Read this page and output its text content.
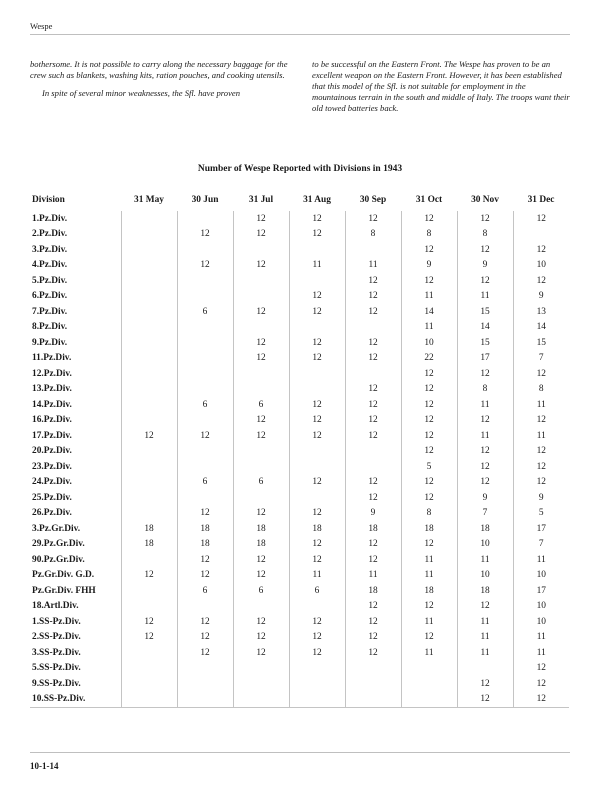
Wespe

bothersome. It is not possible to carry along the necessary baggage for the crew such as blankets, washing kits, ration pouches, and cooking utensils.

In spite of several minor weaknesses, the Sfl. have proven

to be successful on the Eastern Front. The Wespe has proven to be an excellent weapon on the Eastern Front. However, it has been established that this model of the Sfl. is not suitable for employment in the mountainous terrain in the south and middle of Italy. The troops want their old towed batteries back.

Number of Wespe Reported with Divisions in 1943
Division	31 May	30 Jun	31 Jul	31 Aug	30 Sep	31 Oct	30 Nov	31 Dec
1.Pz.Div.			12	12	12	12	12	12
2.Pz.Div.		12	12	12	8	8	8	
3.Pz.Div.						12	12	12
4.Pz.Div.		12	12	11	11	9	9	10
5.Pz.Div.					12	12	12	12
6.Pz.Div.				12	12	11	11	9
7.Pz.Div.		6	12	12	12	14	15	13
8.Pz.Div.						11	14	14
9.Pz.Div.			12	12	12	10	15	15
11.Pz.Div.			12	12	12	22	17	7
12.Pz.Div.						12	12	12
13.Pz.Div.					12	12	8	8
14.Pz.Div.		6	6	12	12	12	11	11
16.Pz.Div.			12	12	12	12	12	12
17.Pz.Div.	12	12	12	12	12	12	11	11
20.Pz.Div.						12	12	12
23.Pz.Div.						5	12	12
24.Pz.Div.		6	6	12	12	12	12	12
25.Pz.Div.					12	12	9	9
26.Pz.Div.		12	12	12	9	8	7	5
3.Pz.Gr.Div.	18	18	18	18	18	18	18	17
29.Pz.Gr.Div.	18	18	18	12	12	12	10	7
90.Pz.Gr.Div.		12	12	12	12	11	11	11
Pz.Gr.Div. G.D.	12	12	12	11	11	11	10	10
Pz.Gr.Div. FHH		6	6	6	18	18	18	17
18.Artl.Div.					12	12	12	10
1.SS-Pz.Div.	12	12	12	12	12	11	11	10
2.SS-Pz.Div.	12	12	12	12	12	12	11	11
3.SS-Pz.Div.		12	12	12	12	11	11	11
5.SS-Pz.Div.								12
9.SS-Pz.Div.							12	12
10.SS-Pz.Div.							12	12
10-1-14
